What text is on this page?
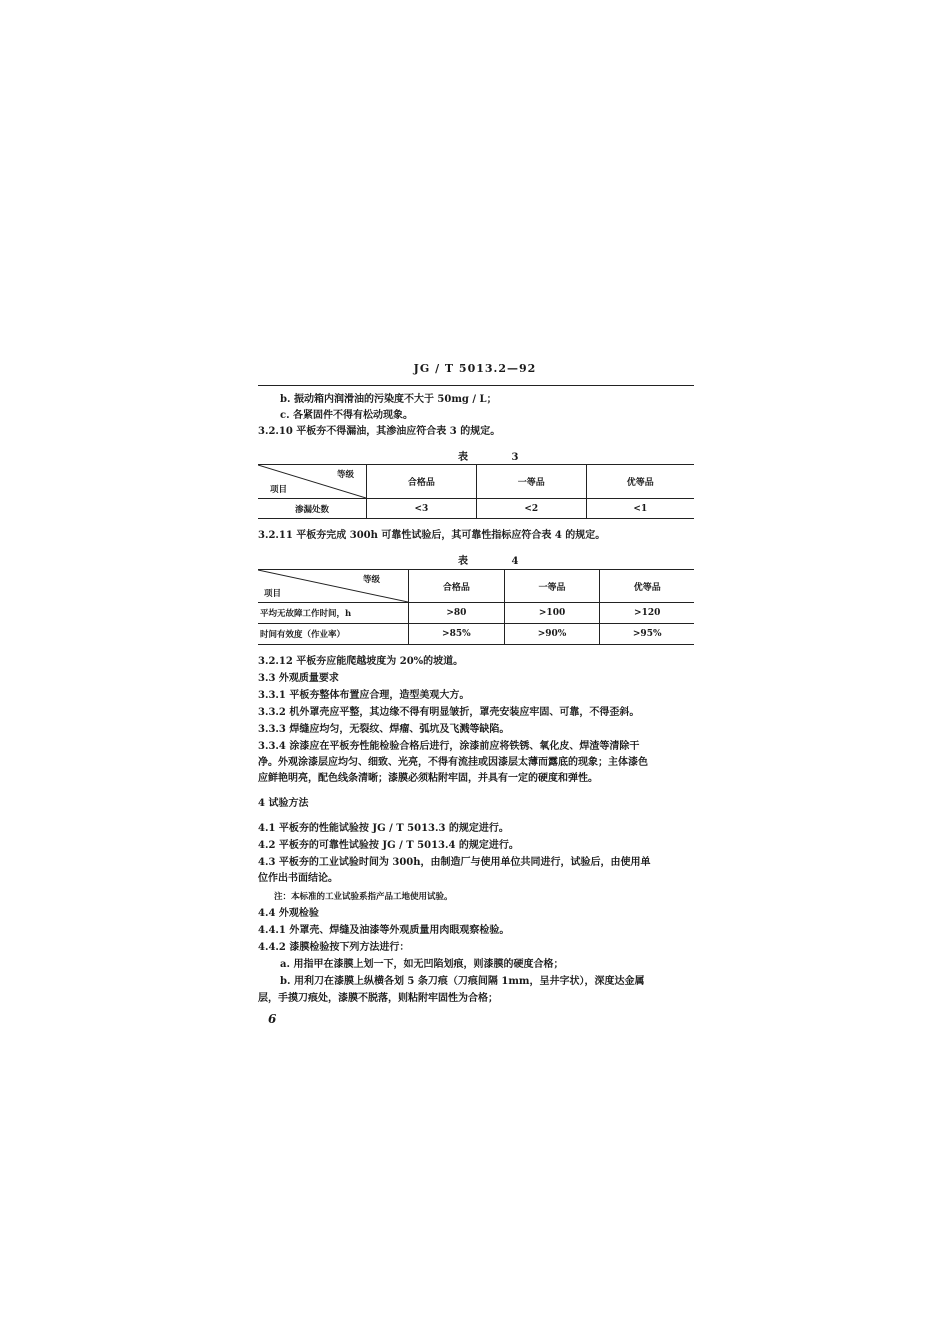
JG / T 5013.2—92
b. 振动箱内润滑油的污染度不大于 50mg / L；
c. 各紧固件不得有松动现象。
3.2.10 平板夯不得漏油，其渗油应符合表 3 的规定。
表 3
等级
项目	合格品	一等品	优等品
渗漏处数	<3	<2	<1
3.2.11 平板夯完成 300h 可靠性试验后，其可靠性指标应符合表 4 的规定。
表 4
等级
项目	合格品	一等品	优等品
平均无故障工作时间，h	>80	>100	>120
时间有效度（作业率）	>85%	>90%	>95%
3.2.12 平板夯应能爬越坡度为 20%的坡道。
3.3 外观质量要求
3.3.1 平板夯整体布置应合理，造型美观大方。
3.3.2 机外罩壳应平整，其边缘不得有明显皱折，罩壳安装应牢固、可靠，不得歪斜。
3.3.3 焊缝应均匀，无裂纹、焊瘤、弧坑及飞溅等缺陷。
3.3.4 涂漆应在平板夯性能检验合格后进行，涂漆前应将铁锈、氧化皮、焊渣等清除干
净。外观涂漆层应均匀、细致、光亮，不得有流挂或因漆层太薄而露底的现象；主体漆色
应鲜艳明亮，配色线条清晰；漆膜必须粘附牢固，并具有一定的硬度和弹性。
4 试验方法
4.1 平板夯的性能试验按 JG / T 5013.3 的规定进行。
4.2 平板夯的可靠性试验按 JG / T 5013.4 的规定进行。
4.3 平板夯的工业试验时间为 300h，由制造厂与使用单位共同进行，试验后，由使用单
位作出书面结论。
注：本标准的工业试验系指产品工地使用试验。
4.4 外观检验
4.4.1 外罩壳、焊缝及油漆等外观质量用肉眼观察检验。
4.4.2 漆膜检验按下列方法进行：
a. 用指甲在漆膜上划一下，如无凹陷划痕，则漆膜的硬度合格；
b. 用利刀在漆膜上纵横各划 5 条刀痕（刀痕间隔 1mm，呈井字状），深度达金属
层，手摸刀痕处，漆膜不脱落，则粘附牢固性为合格；
6
